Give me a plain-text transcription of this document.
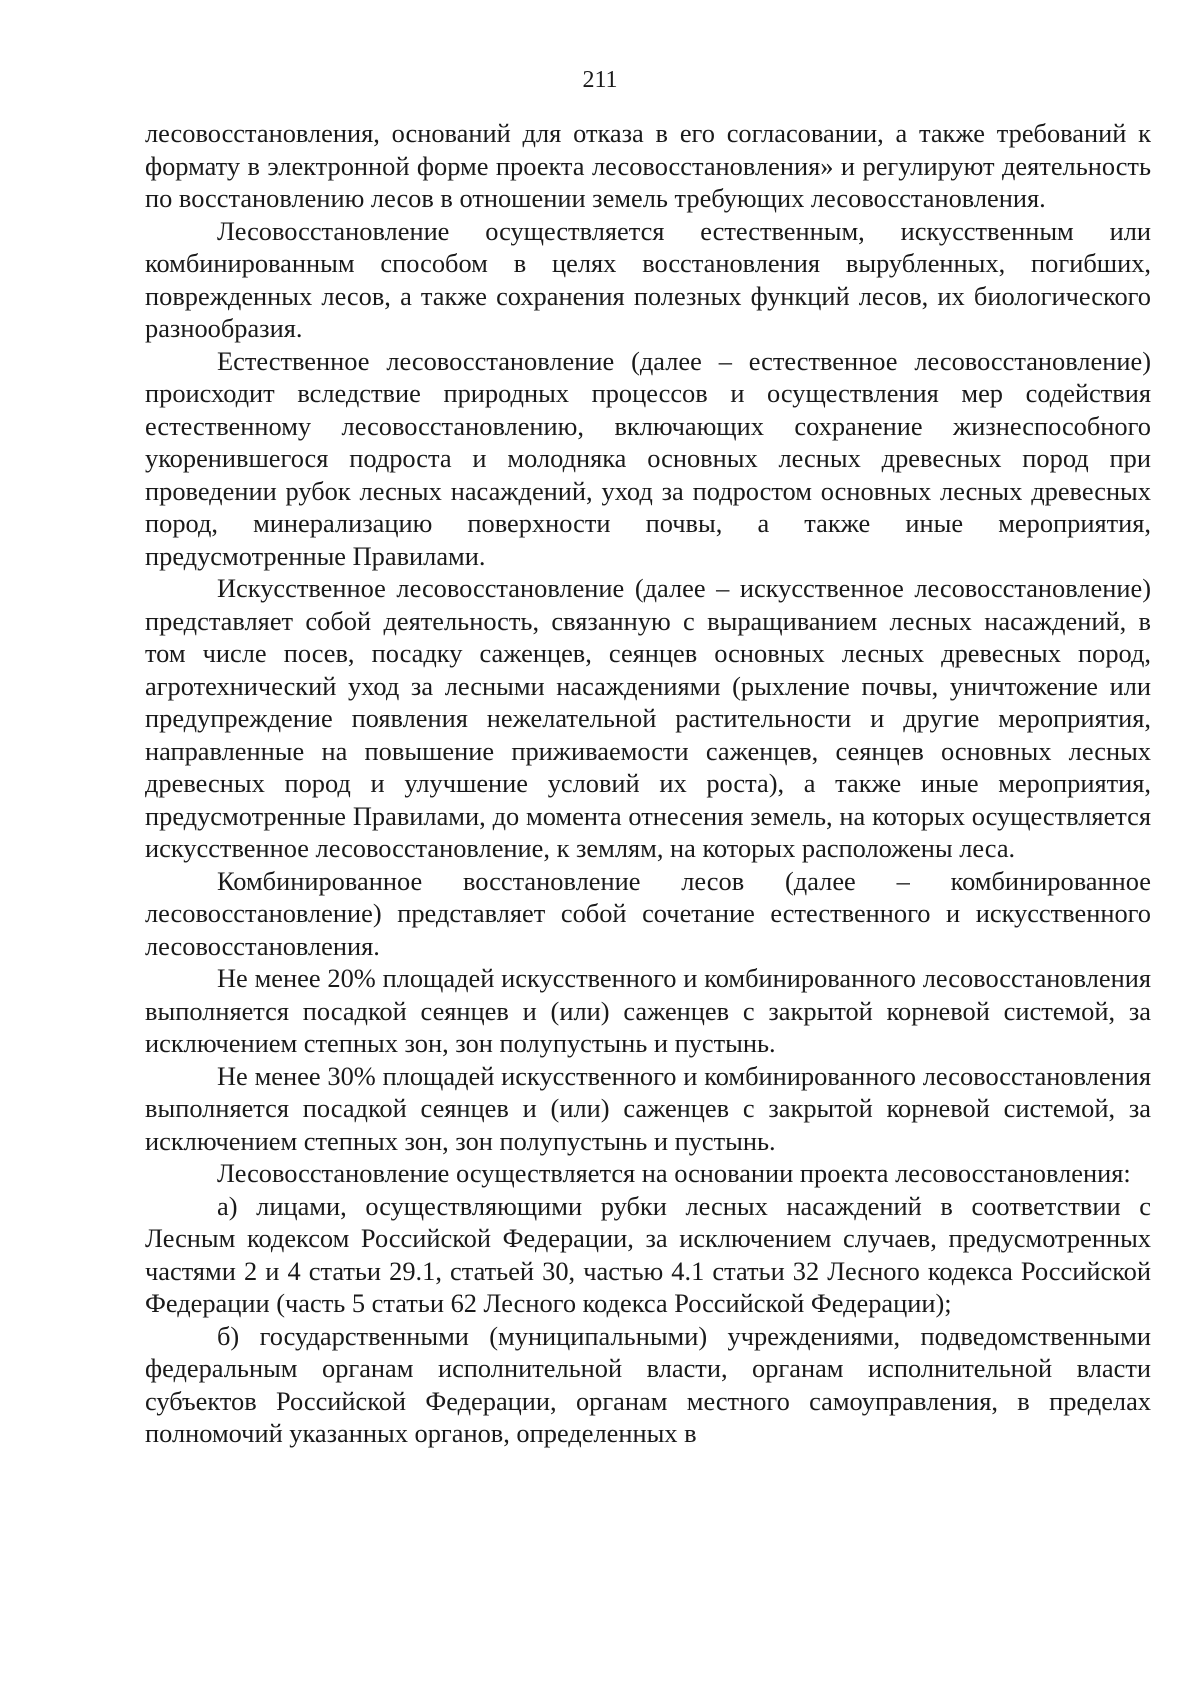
211

лесовосстановления, оснований для отказа в его согласовании, а также требований к формату в электронной форме проекта лесовосстановления» и регулируют деятельность по восстановлению лесов в отношении земель требующих лесовосстановления.

Лесовосстановление осуществляется естественным, искусственным или комбинированным способом в целях восстановления вырубленных, погибших, поврежденных лесов, а также сохранения полезных функций лесов, их биологического разнообразия.

Естественное лесовосстановление (далее – естественное лесовосстановление) происходит вследствие природных процессов и осуществления мер содействия естественному лесовосстановлению, включающих сохранение жизнеспособного укоренившегося подроста и молодняка основных лесных древесных пород при проведении рубок лесных насаждений, уход за подростом основных лесных древесных пород, минерализацию поверхности почвы, а также иные мероприятия, предусмотренные Правилами.

Искусственное лесовосстановление (далее – искусственное лесовосстановление) представляет собой деятельность, связанную с выращиванием лесных насаждений, в том числе посев, посадку саженцев, сеянцев основных лесных древесных пород, агротехнический уход за лесными насаждениями (рыхление почвы, уничтожение или предупреждение появления нежелательной растительности и другие мероприятия, направленные на повышение приживаемости саженцев, сеянцев основных лесных древесных пород и улучшение условий их роста), а также иные мероприятия, предусмотренные Правилами, до момента отнесения земель, на которых осуществляется искусственное лесовосстановление, к землям, на которых расположены леса.

Комбинированное восстановление лесов (далее – комбинированное лесовосстановление) представляет собой сочетание естественного и искусственного лесовосстановления.

Не менее 20% площадей искусственного и комбинированного лесовосстановления выполняется посадкой сеянцев и (или) саженцев с закрытой корневой системой, за исключением степных зон, зон полупустынь и пустынь.

Не менее 30% площадей искусственного и комбинированного лесовосстановления выполняется посадкой сеянцев и (или) саженцев с закрытой корневой системой, за исключением степных зон, зон полупустынь и пустынь.

Лесовосстановление осуществляется на основании проекта лесовосстановления:

а) лицами, осуществляющими рубки лесных насаждений в соответствии с Лесным кодексом Российской Федерации, за исключением случаев, предусмотренных частями 2 и 4 статьи 29.1, статьей 30, частью 4.1 статьи 32 Лесного кодекса Российской Федерации (часть 5 статьи 62 Лесного кодекса Российской Федерации);

б) государственными (муниципальными) учреждениями, подведомственными федеральным органам исполнительной власти, органам исполнительной власти субъектов Российской Федерации, органам местного самоуправления, в пределах полномочий указанных органов, определенных в
